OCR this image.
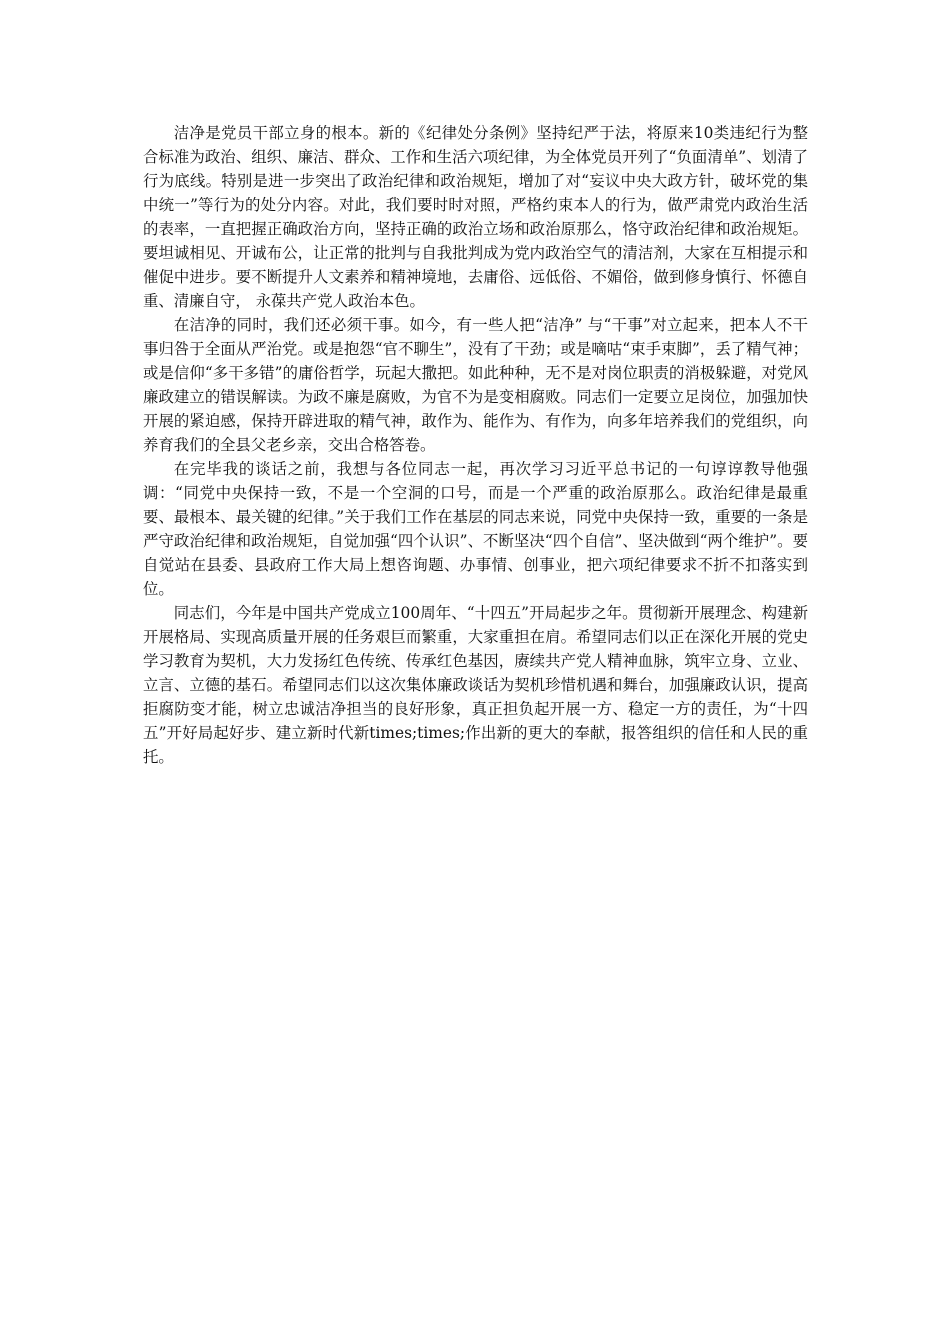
洁净是党员干部立身的根本。新的《纪律处分条例》坚持纪严于法，将原来10类违纪行为整合标准为政治、组织、廉洁、群众、工作和生活六项纪律，为全体党员开列了“负面清单”、划清了行为底线。特别是进一步突出了政治纪律和政治规矩，增加了对“妄议中央大政方针，破坏党的集中统一”等行为的处分内容。对此，我们要时时对照，严格约束本人的行为，做严肃党内政治生活的表率，一直把握正确政治方向，坚持正确的政治立场和政治原那么，恪守政治纪律和政治规矩。要坦诚相见、开诚布公，让正常的批判与自我批判成为党内政治空气的清洁剂，大家在互相提示和催促中进步。要不断提升人文素养和精神境地，去庸俗、远低俗、不媚俗，做到修身慎行、怀德自重、清廉自守， 永葆共产党人政治本色。

在洁净的同时，我们还必须干事。如今，有一些人把“洁净” 与“干事”对立起来，把本人不干事归咎于全面从严治党。或是抱怨“官不聊生”，没有了干劲；或是嘀咕“束手束脚”，丢了精气神；或是信仰“多干多错”的庸俗哲学，玩起大撒把。如此种种，无不是对岗位职责的消极躲避，对党风廉政建立的错误解读。为政不廉是腐败，为官不为是变相腐败。同志们一定要立足岗位，加强加快开展的紧迫感，保持开辟进取的精气神，敢作为、能作为、有作为，向多年培养我们的党组织，向养育我们的全县父老乡亲，交出合格答卷。

在完毕我的谈话之前，我想与各位同志一起，再次学习习近平总书记的一句谆谆教导他强调：“同党中央保持一致，不是一个空洞的口号，而是一个严重的政治原那么。政治纪律是最重要、最根本、最关键的纪律。”关于我们工作在基层的同志来说，同党中央保持一致，重要的一条是严守政治纪律和政治规矩，自觉加强“四个认识”、不断坚决“四个自信”、坚决做到“两个维护”。要自觉站在县委、县政府工作大局上想咨询题、办事情、创事业，把六项纪律要求不折不扣落实到位。

同志们，今年是中国共产党成立100周年、“十四五”开局起步之年。贯彻新开展理念、构建新开展格局、实现高质量开展的任务艰巨而繁重，大家重担在肩。希望同志们以正在深化开展的党史学习教育为契机，大力发扬红色传统、传承红色基因，赓续共产党人精神血脉，筑牢立身、立业、立言、立德的基石。希望同志们以这次集体廉政谈话为契机珍惜机遇和舞台，加强廉政认识，提高拒腐防变才能，树立忠诚洁净担当的良好形象，真正担负起开展一方、稳定一方的责任，为“十四五”开好局起好步、建立新时代新times;times;作出新的更大的奉献，报答组织的信任和人民的重托。
